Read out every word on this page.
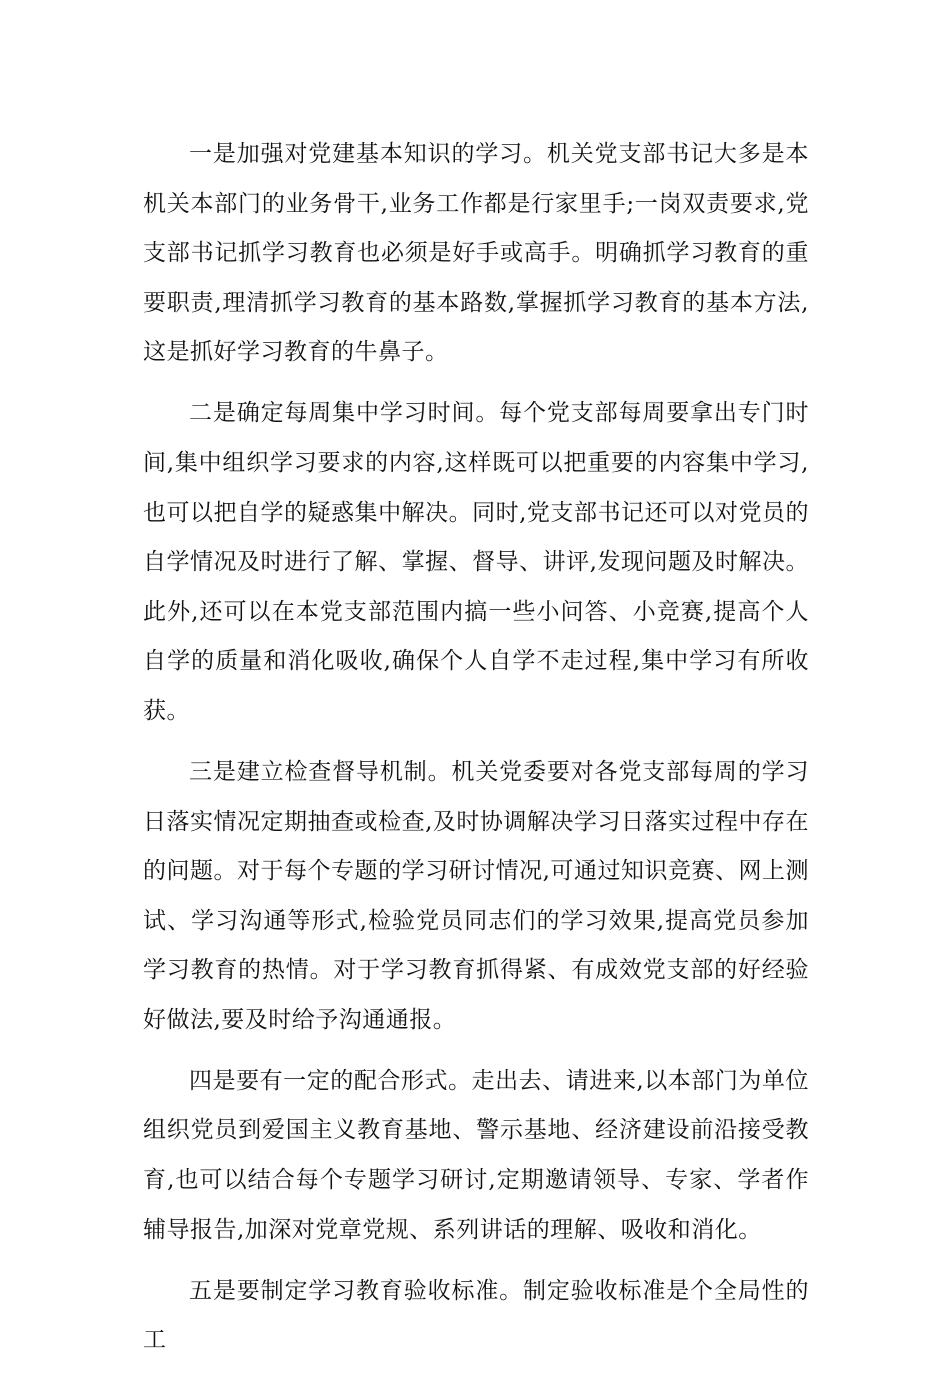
一是加强对党建基本知识的学习。机关党支部书记大多是本机关本部门的业务骨干,业务工作都是行家里手;一岗双责要求,党支部书记抓学习教育也必须是好手或高手。明确抓学习教育的重要职责,理清抓学习教育的基本路数,掌握抓学习教育的基本方法,这是抓好学习教育的牛鼻子。

二是确定每周集中学习时间。每个党支部每周要拿出专门时间,集中组织学习要求的内容,这样既可以把重要的内容集中学习,也可以把自学的疑惑集中解决。同时,党支部书记还可以对党员的自学情况及时进行了解、掌握、督导、讲评,发现问题及时解决。此外,还可以在本党支部范围内搞一些小问答、小竞赛,提高个人自学的质量和消化吸收,确保个人自学不走过程,集中学习有所收获。

三是建立检查督导机制。机关党委要对各党支部每周的学习日落实情况定期抽查或检查,及时协调解决学习日落实过程中存在的问题。对于每个专题的学习研讨情况,可通过知识竞赛、网上测试、学习沟通等形式,检验党员同志们的学习效果,提高党员参加学习教育的热情。对于学习教育抓得紧、有成效党支部的好经验好做法,要及时给予沟通通报。

四是要有一定的配合形式。走出去、请进来,以本部门为单位组织党员到爱国主义教育基地、警示基地、经济建设前沿接受教育,也可以结合每个专题学习研讨,定期邀请领导、专家、学者作辅导报告,加深对党章党规、系列讲话的理解、吸收和消化。

五是要制定学习教育验收标准。制定验收标准是个全局性的工
